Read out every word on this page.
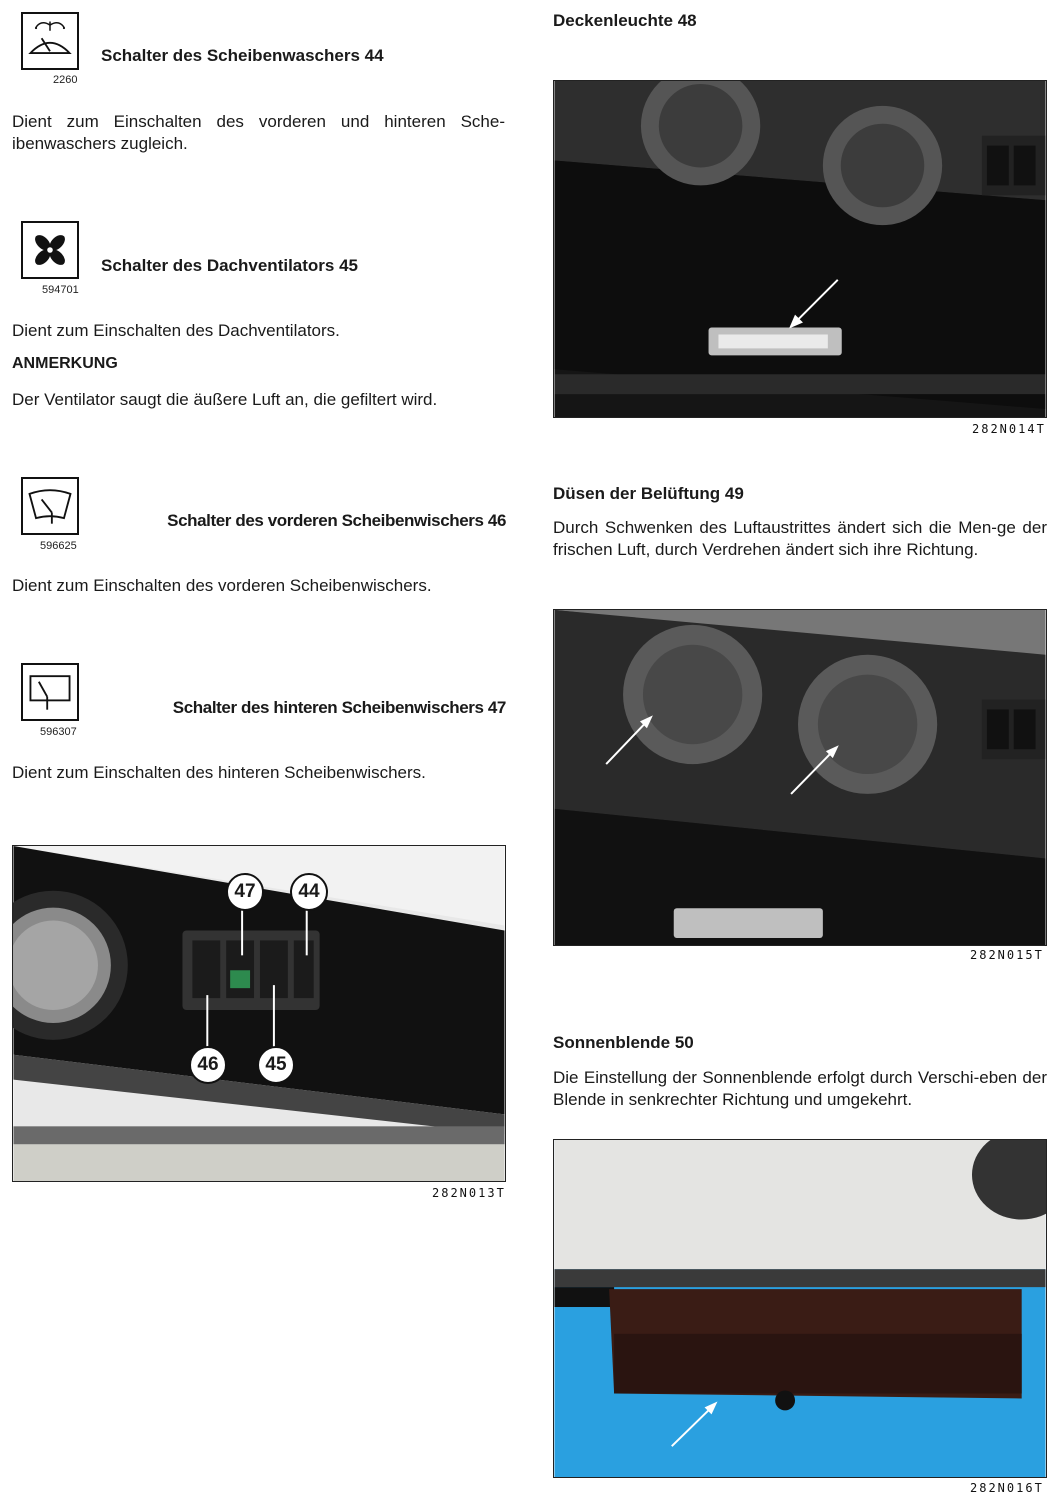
2260
Schalter des Scheibenwaschers 44
Dient zum Einschalten des vorderen und hinteren Sche-ibenwaschers zugleich.
594701
Schalter des Dachventilators 45
Dient zum Einschalten des Dachventilators.
ANMERKUNG
Der Ventilator saugt die äußere Luft an, die gefiltert wird.
596625
Schalter des vorderen Scheibenwischers 46
Dient zum Einschalten des vorderen Scheibenwischers.
596307
Schalter des hinteren Scheibenwischers 47
Dient zum Einschalten des hinteren Scheibenwischers.
47	44
46	45
282N013T
Deckenleuchte 48
282N014T
Düsen der Belüftung 49
Durch Schwenken des Luftaustrittes ändert sich die Men-ge der frischen Luft, durch Verdrehen ändert sich ihre Richtung.
282N015T
Sonnenblende 50
Die Einstellung der Sonnenblende erfolgt durch Verschi-eben der Blende in senkrechter Richtung und umgekehrt.
282N016T
